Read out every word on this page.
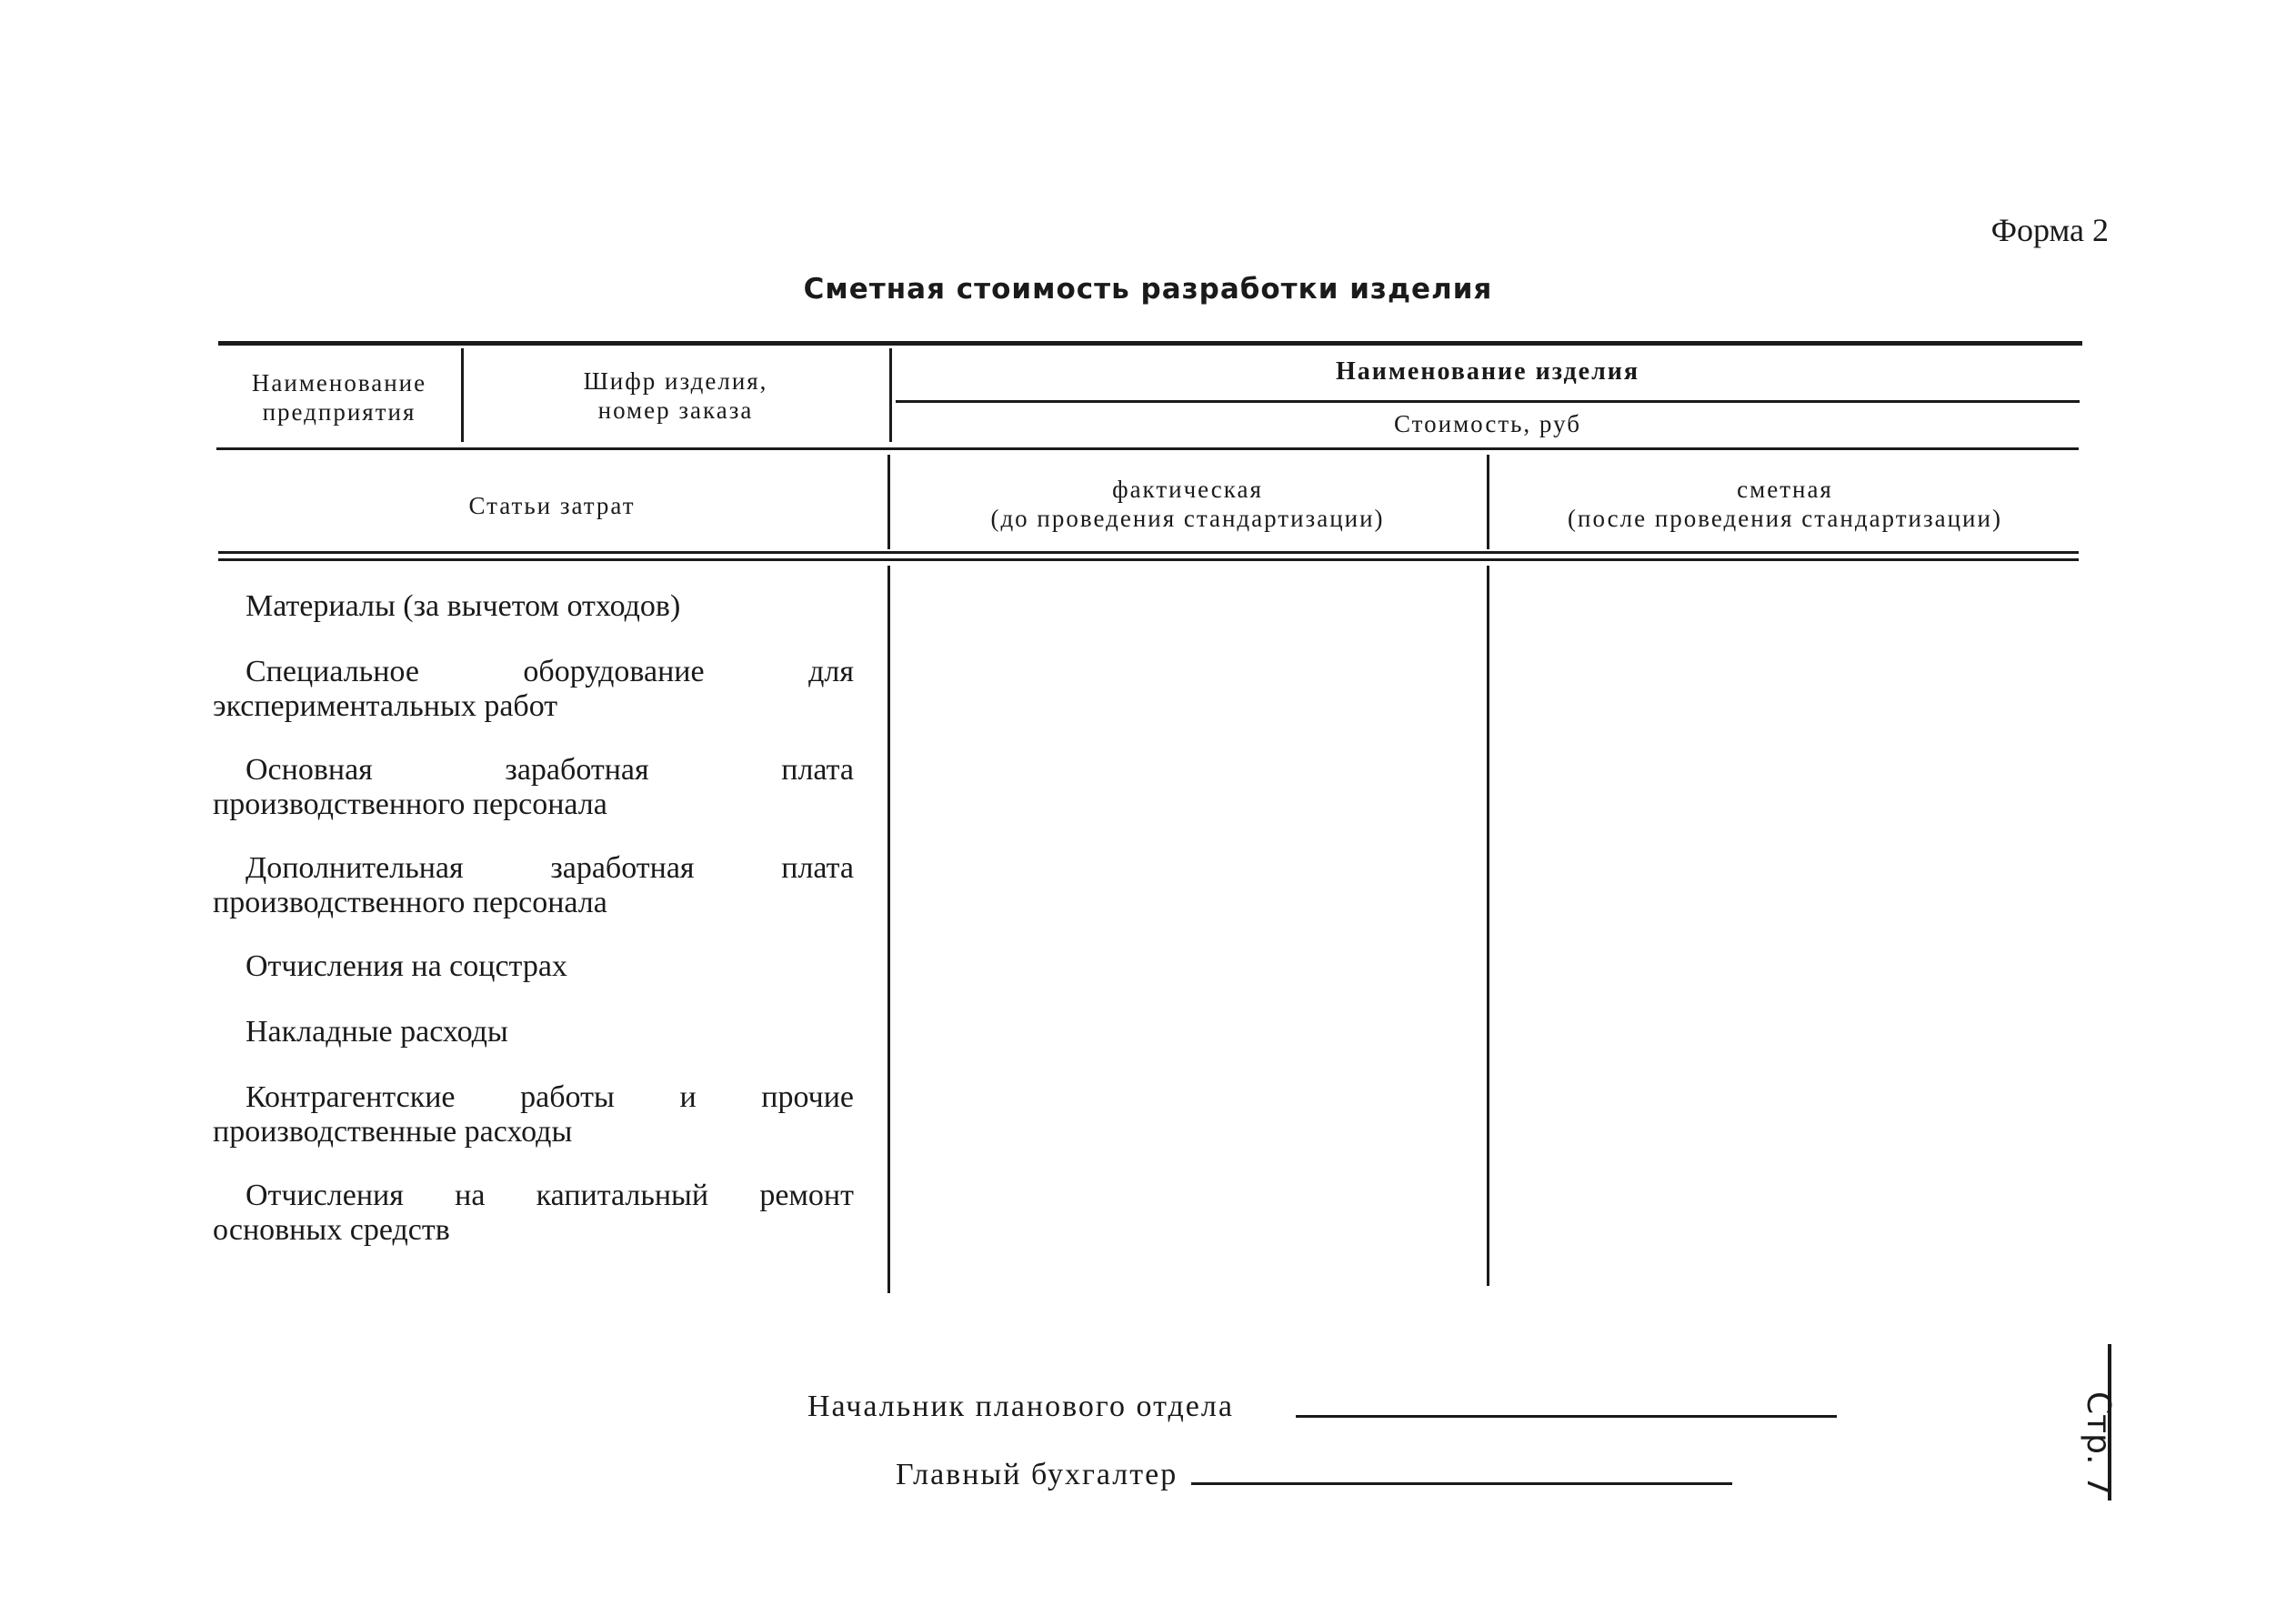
Форма 2
Сметная стоимость разработки изделия
Наименование
предприятия
Шифр изделия,
номер заказа
Наименование изделия
Стоимость, руб
Статьи затрат
фактическая
(до проведения стандартизации)
сметная
(после проведения стандартизации)
Материалы (за вычетом отходов)
Специальное оборудование для экспериментальных работ
Основная заработная плата производственного персонала
Дополнительная заработная плата производственного персонала
Отчисления на соцстрах
Накладные расходы
Контрагентские работы и прочие производственные расходы
Отчисления на капитальный ремонт основных средств
Начальник планового отдела
Главный бухгалтер	Стр. 7
